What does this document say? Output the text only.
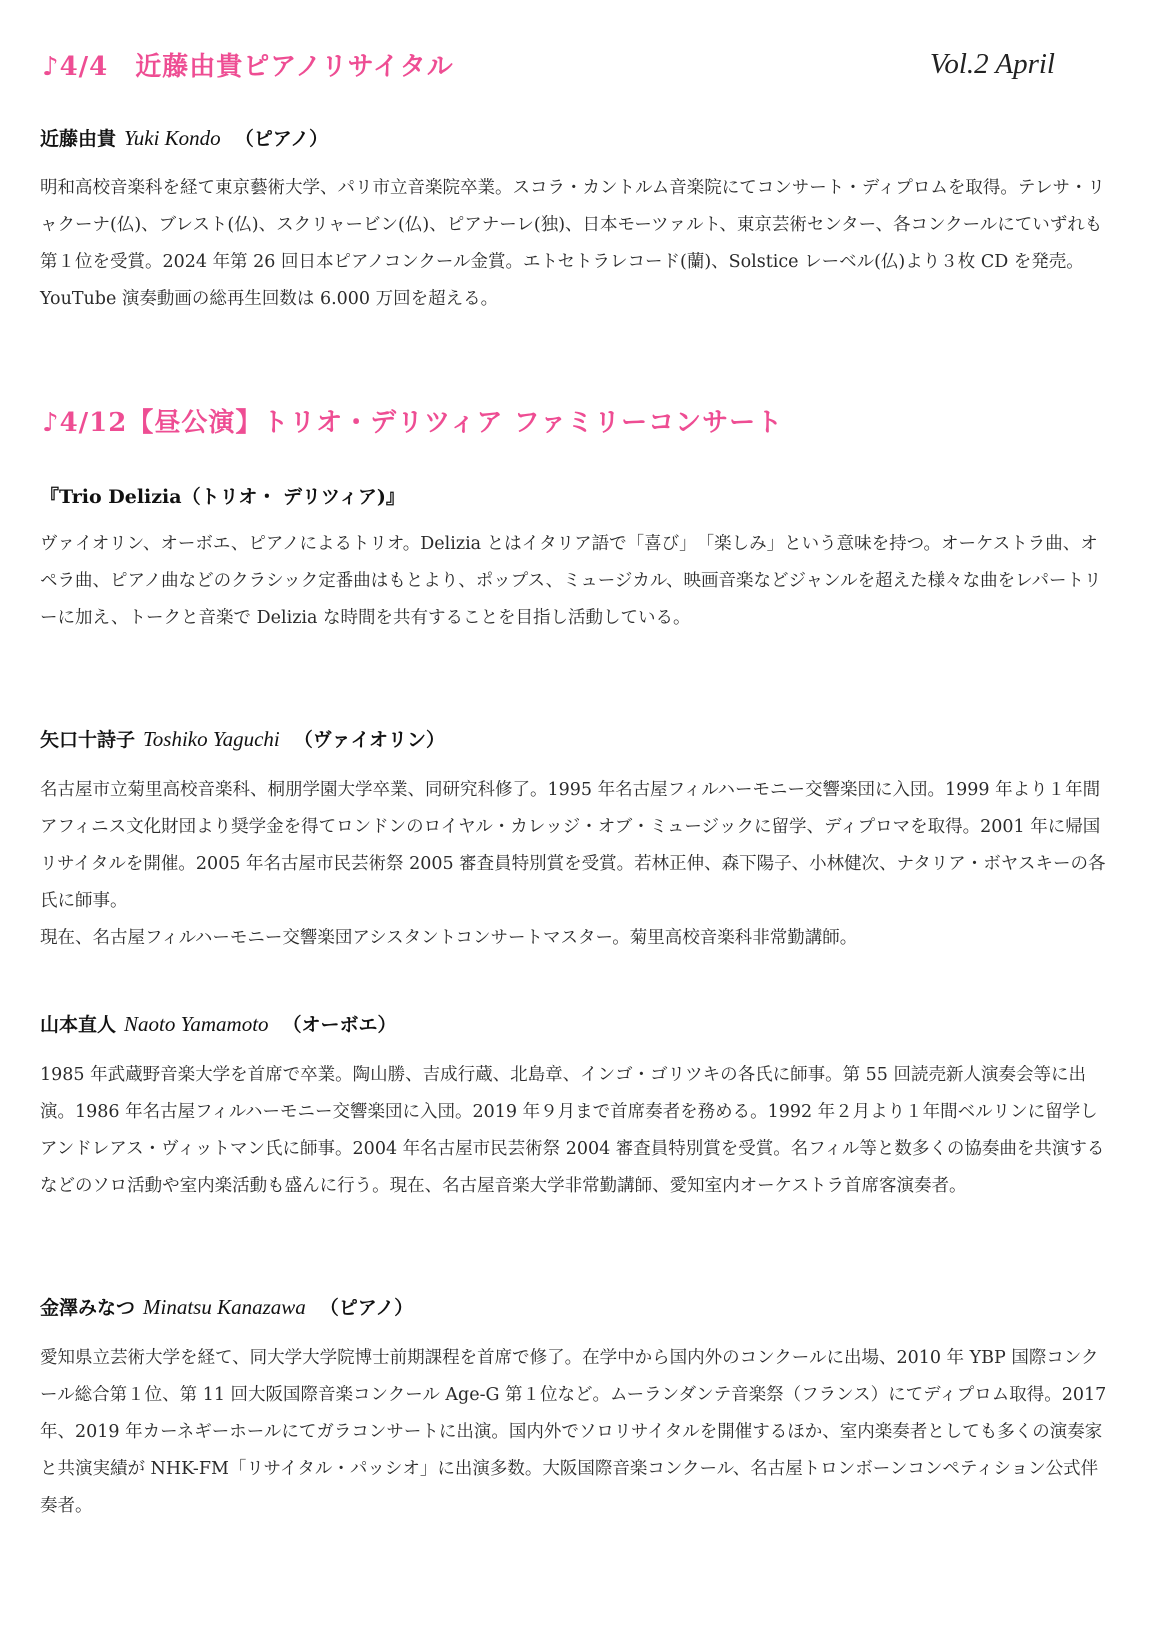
♪4/4　近藤由貴ピアノリサイタル	Vol.2 April
近藤由貴 Yuki Kondo （ピアノ）

明和高校音楽科を経て東京藝術大学、パリ市立音楽院卒業。スコラ・カントルム音楽院にてコンサート・ディプロムを取得。テレサ・リャクーナ(仏)、ブレスト(仏)、スクリャービン(仏)、ピアナーレ(独)、日本モーツァルト、東京芸術センター、各コンクールにていずれも第１位を受賞。2024 年第 26 回日本ピアノコンクール金賞。エトセトラレコード(蘭)、Solstice レーベル(仏)より３枚 CD を発売。

YouTube 演奏動画の総再生回数は 6.000 万回を超える。

♪4/12【昼公演】トリオ・デリツィア ファミリーコンサート
『Trio Delizia（トリオ・ デリツィア)』

ヴァイオリン、オーボエ、ピアノによるトリオ。Delizia とはイタリア語で「喜び」　「楽しみ」という意味を持つ。オーケストラ曲、オペラ曲、ピアノ曲などのクラシック定番曲はもとより、ポップス、ミュージカル、映画音楽などジャンルを超えた様々な曲をレパートリーに加え、トークと音楽で Delizia な時間を共有することを目指し活動している。

矢口十詩子 Toshiko Yaguchi （ヴァイオリン）

名古屋市立菊里高校音楽科、桐朋学園大学卒業、同研究科修了。1995 年名古屋フィルハーモニー交響楽団に入団。1999 年より１年間アフィニス文化財団より奨学金を得てロンドンのロイヤル・カレッジ・オブ・ミュージックに留学、ディプロマを取得。2001 年に帰国リサイタルを開催。2005 年名古屋市民芸術祭 2005 審査員特別賞を受賞。若林正伸、森下陽子、小林健次、ナタリア・ボヤスキーの各氏に師事。

現在、名古屋フィルハーモニー交響楽団アシスタントコンサートマスター。菊里高校音楽科非常勤講師。

山本直人 Naoto Yamamoto （オーボエ）

1985 年武蔵野音楽大学を首席で卒業。陶山勝、吉成行蔵、北島章、インゴ・ゴリツキの各氏に師事。第 55 回読売新人演奏会等に出演。1986 年名古屋フィルハーモニー交響楽団に入団。2019 年９月まで首席奏者を務める。1992 年２月より１年間ベルリンに留学しアンドレアス・ヴィットマン氏に師事。2004 年名古屋市民芸術祭 2004 審査員特別賞を受賞。名フィル等と数多くの協奏曲を共演するなどのソロ活動や室内楽活動も盛んに行う。現在、名古屋音楽大学非常勤講師、愛知室内オーケストラ首席客演奏者。

金澤みなつ Minatsu Kanazawa （ピアノ）

愛知県立芸術大学を経て、同大学大学院博士前期課程を首席で修了。在学中から国内外のコンクールに出場、2010 年 YBP 国際コンクール総合第１位、第 11 回大阪国際音楽コンクール Age-G 第１位など。ムーランダンテ音楽祭（フランス）にてディプロム取得。2017 年、2019 年カーネギーホールにてガラコンサートに出演。国内外でソロリサイタルを開催するほか、室内楽奏者としても多くの演奏家と共演実績が NHK-FM「リサイタル・パッシオ」に出演多数。大阪国際音楽コンクール、名古屋トロンボーンコンペティション公式伴奏者。
